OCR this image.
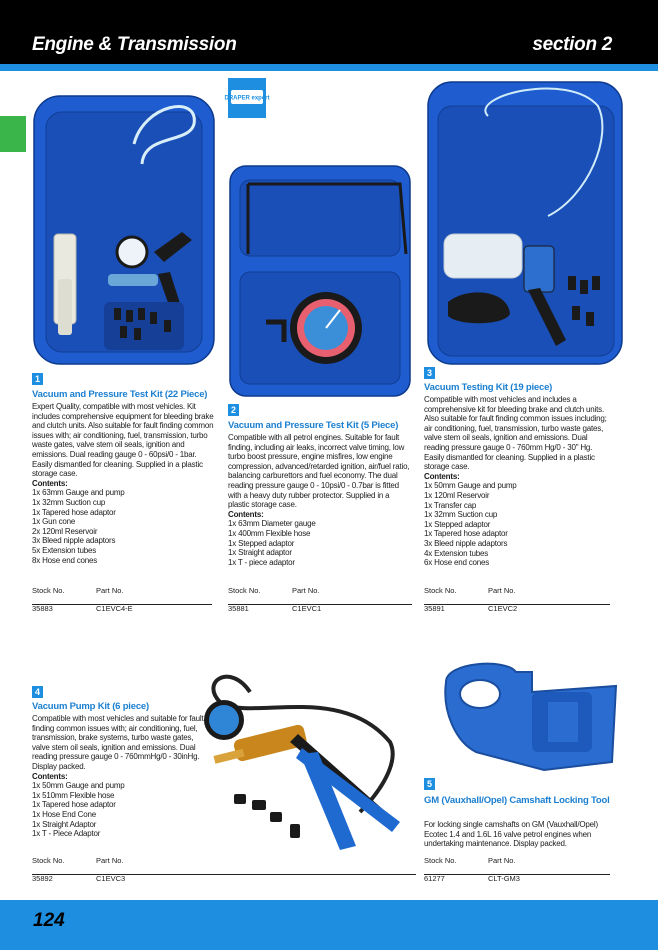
Engine & Transmission	section 2
DRAPER expert
1
Vacuum and Pressure Test Kit (22 Piece)
Expert Quality, compatible with most vehicles. Kit includes comprehensive equipment for bleeding brake and clutch units. Also suitable for fault finding common issues with; air conditioning, fuel, transmission, turbo waste gates, valve stem oil seals, ignition and emissions. Dual reading gauge 0 - 60psi/0 - 1bar. Easily dismantled for cleaning. Supplied in a plastic storage case.
Contents:
1x 63mm Gauge and pump
1x 32mm Suction cup
1x Tapered hose adaptor
1x Gun cone
2x 120ml Reservoir
3x Bleed nipple adaptors
5x Extension tubes
8x Hose end cones
Stock No.	Part No.
35883	C1EVC4-E
2
Vacuum and Pressure Test Kit (5 Piece)
Compatible with all petrol engines. Suitable for fault finding, including air leaks, incorrect valve timing, low turbo boost pressure, engine misfires, low engine compression, advanced/retarded ignition, air/fuel ratio, balancing carburettors and fuel economy. The dual reading pressure gauge 0 - 10psi/0 - 0.7bar is fitted with a heavy duty rubber protector. Supplied in a plastic storage case.
Contents:
1x 63mm Diameter gauge
1x 400mm Flexible hose
1x Stepped adaptor
1x Straight adaptor
1x T - piece adaptor
Stock No.	Part No.
35881	C1EVC1
3
Vacuum Testing Kit (19 piece)
Compatible with most vehicles and includes a comprehensive kit for bleeding brake and clutch units. Also suitable for fault finding common issues including; air conditioning, fuel, transmission, turbo waste gates, valve stem oil seals, ignition and emissions. Dual reading pressure gauge 0 - 760mm Hg/0 - 30" Hg. Easily dismantled for cleaning. Supplied in a plastic storage case.
Contents:
1x 50mm Gauge and pump
1x 120ml Reservoir
1x Transfer cap
1x 32mm Suction cup
1x Stepped adaptor
1x Tapered hose adaptor
3x Bleed nipple adaptors
4x Extension tubes
6x Hose end cones
Stock No.	Part No.
35891	C1EVC2
4
Vacuum Pump Kit (6 piece)
Compatible with most vehicles and suitable for fault finding common issues with; air conditioning, fuel, transmission, brake systems, turbo waste gates, valve stem oil seals, ignition and emissions. Dual reading pressure gauge 0 - 760mmHg/0 - 30inHg. Display packed.
Contents:
1x 50mm Gauge and pump
1x 510mm Flexible hose
1x Tapered hose adaptor
1x Hose End Cone
1x Straight Adaptor
1x T - Piece Adaptor
Stock No.	Part No.
35892	C1EVC3
5
GM (Vauxhall/Opel) Camshaft Locking Tool
For locking single camshafts on GM (Vauxhall/Opel) Ecotec 1.4 and 1.6L 16 valve petrol engines when undertaking maintenance. Display packed.
Stock No.	Part No.
61277	CLT-GM3
124
